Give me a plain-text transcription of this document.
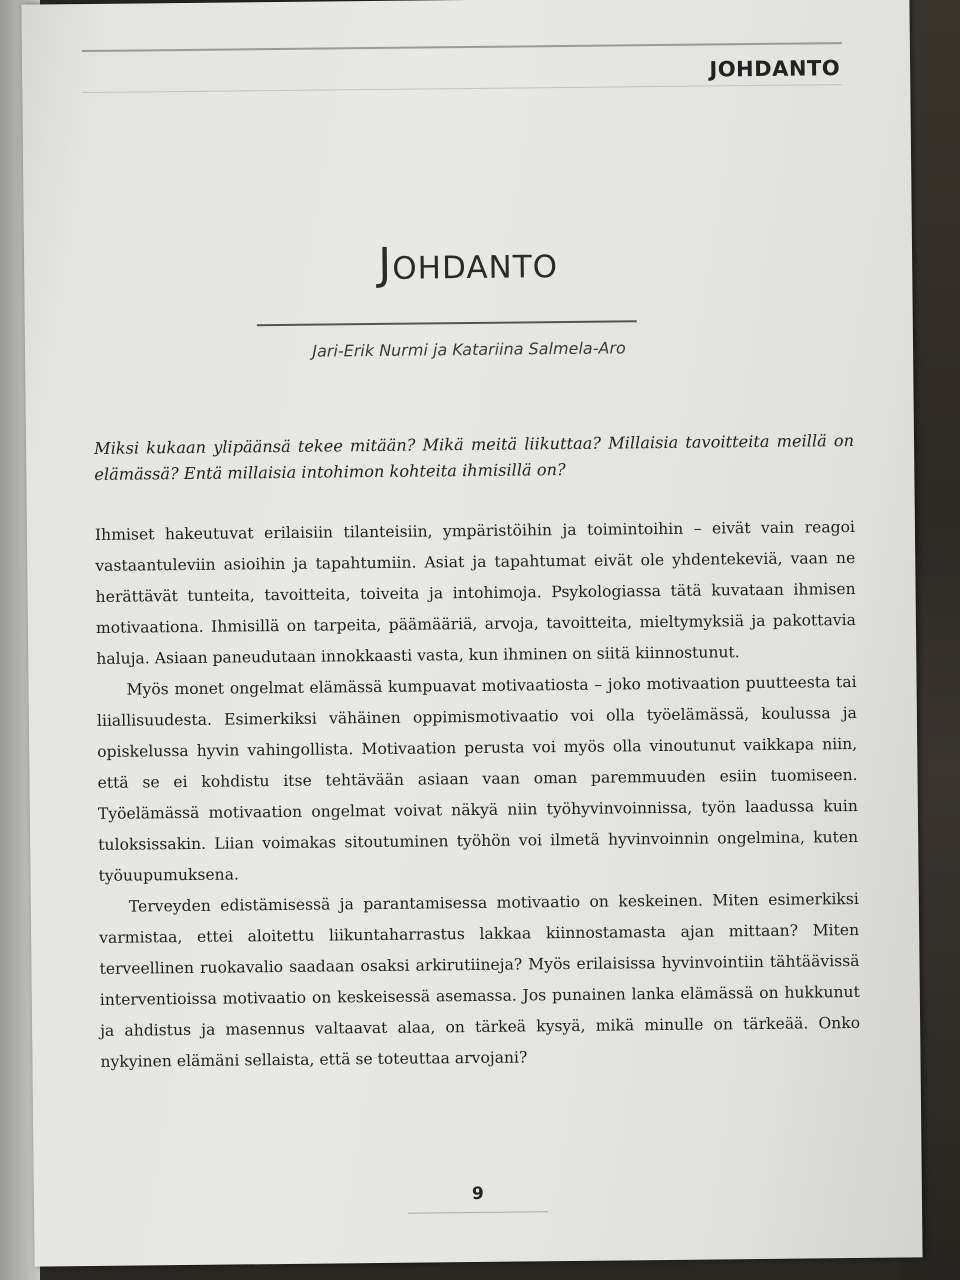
JOHDANTO
Johdanto
Jari-Erik Nurmi ja Katariina Salmela-Aro
Miksi kukaan ylipäänsä tekee mitään? Mikä meitä liikuttaa? Millaisia tavoitteita meillä on elämässä? Entä millaisia intohimon kohteita ihmisillä on?

Ihmiset hakeutuvat erilaisiin tilanteisiin, ympäristöihin ja toimintoihin – eivät vain reagoi vastaantuleviin asioihin ja tapahtumiin. Asiat ja tapahtumat eivät ole yhdentekeviä, vaan ne herättävät tunteita, tavoitteita, toiveita ja intohimoja. Psykologiassa tätä kuvataan ihmisen motivaationa. Ihmisillä on tarpeita, päämääriä, arvoja, tavoitteita, mieltymyksiä ja pakottavia haluja. Asiaan paneudutaan innokkaasti vasta, kun ihminen on siitä kiinnostunut.

Myös monet ongelmat elämässä kumpuavat motivaatiosta – joko motivaation puutteesta tai liiallisuudesta. Esimerkiksi vähäinen oppimismotivaatio voi olla työelämässä, koulussa ja opiskelussa hyvin vahingollista. Motivaation perusta voi myös olla vinoutunut vaikkapa niin, että se ei kohdistu itse tehtävään asiaan vaan oman paremmuuden esiin tuomiseen. Työelämässä motivaation ongelmat voivat näkyä niin työhyvinvoinnissa, työn laadussa kuin tuloksissakin. Liian voimakas sitoutuminen työhön voi ilmetä hyvinvoinnin ongelmina, kuten työuupumuksena.

Terveyden edistämisessä ja parantamisessa motivaatio on keskeinen. Miten esimerkiksi varmistaa, ettei aloitettu liikuntaharrastus lakkaa kiinnostamasta ajan mittaan? Miten terveellinen ruokavalio saadaan osaksi arkirutiineja? Myös erilaisissa hyvinvointiin tähtäävissä interventioissa motivaatio on keskeisessä asemassa. Jos punainen lanka elämässä on hukkunut ja ahdistus ja masennus valtaavat alaa, on tärkeä kysyä, mikä minulle on tärkeää. Onko nykyinen elämäni sellaista, että se toteuttaa arvojani?

9
